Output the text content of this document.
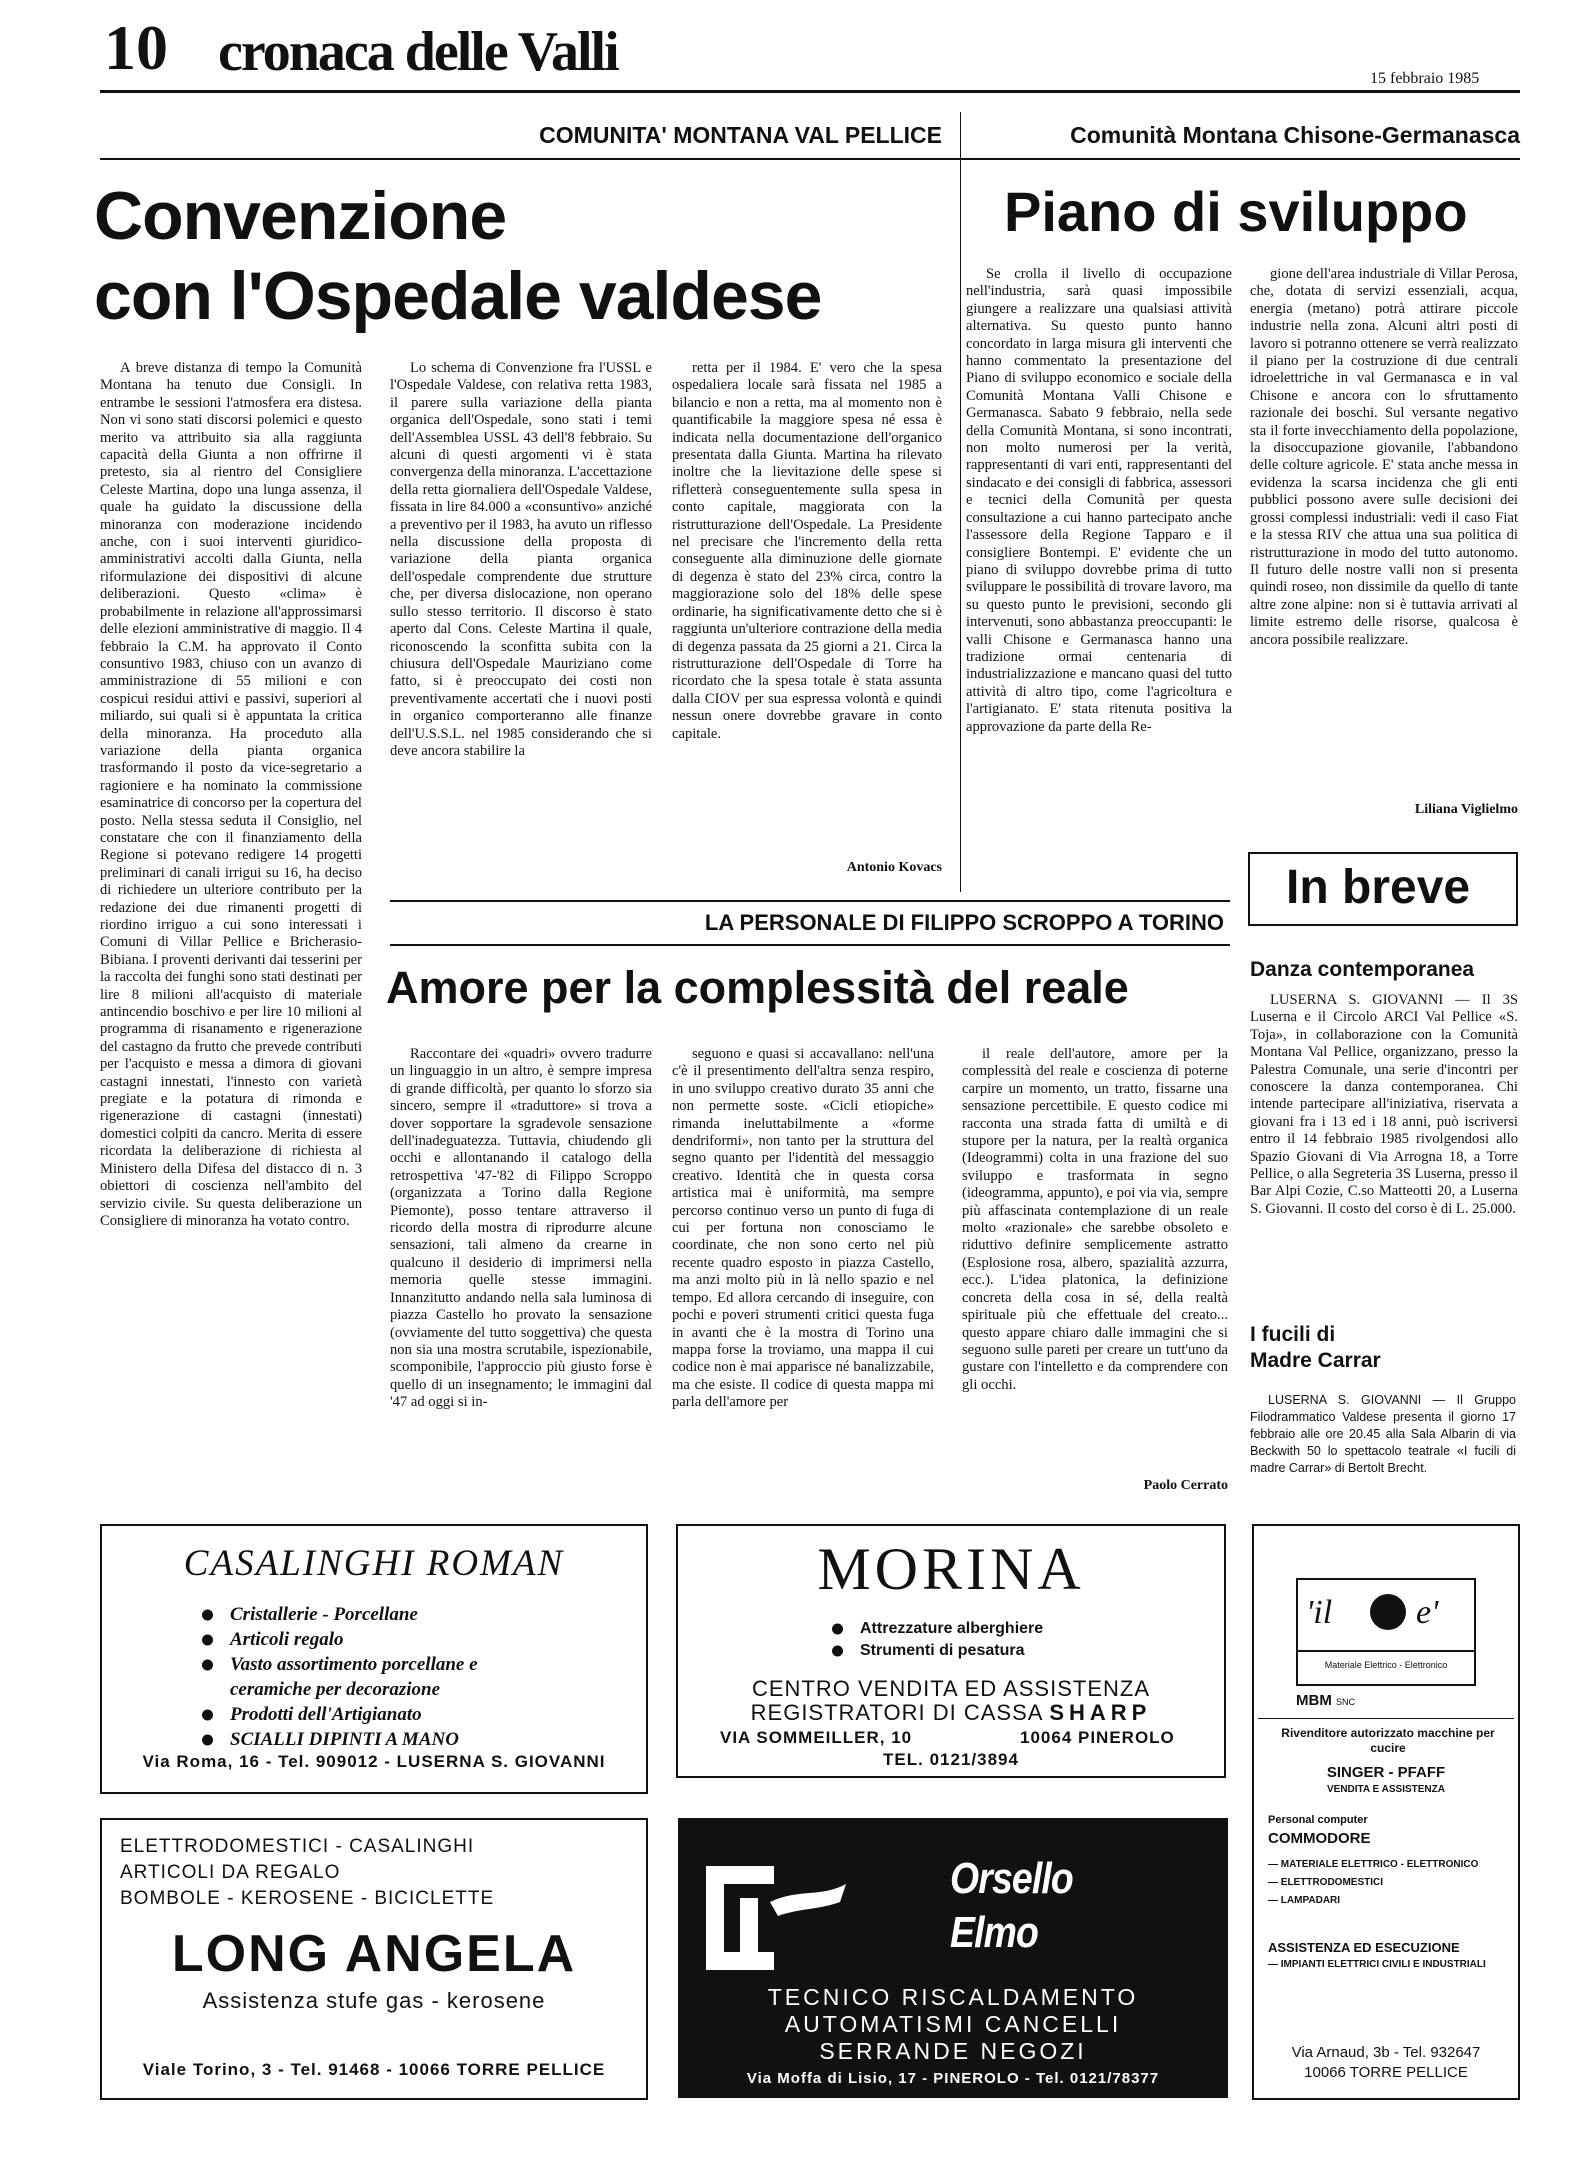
10 cronaca delle Valli	15 febbraio 1985
COMUNITA' MONTANA VAL PELLICE	Comunità Montana Chisone-Germanasca
Convenzione
con l'Ospedale valdese

A breve distanza di tempo la Comunità Montana ha tenuto due Consigli. In entrambe le sessioni l'atmosfera era distesa. Non vi sono stati discorsi polemici e questo merito va attribuito sia alla raggiunta capacità della Giunta a non offrirne il pretesto, sia al rientro del Consigliere Celeste Martina, dopo una lunga assenza, il quale ha guidato la discussione della minoranza con moderazione incidendo anche, con i suoi interventi giuridico-amministrativi accolti dalla Giunta, nella riformulazione dei dispositivi di alcune deliberazioni. Questo «clima» è probabilmente in relazione all'approssimarsi delle elezioni amministrative di maggio. Il 4 febbraio la C.M. ha approvato il Conto consuntivo 1983, chiuso con un avanzo di amministrazione di 55 milioni e con cospicui residui attivi e passivi, superiori al miliardo, sui quali si è appuntata la critica della minoranza. Ha proceduto alla variazione della pianta organica trasformando il posto da vice-segretario a ragioniere e ha nominato la commissione esaminatrice di concorso per la copertura del posto. Nella stessa seduta il Consiglio, nel constatare che con il finanziamento della Regione si potevano redigere 14 progetti preliminari di canali irrigui su 16, ha deciso di richiedere un ulteriore contributo per la redazione dei due rimanenti progetti di riordino irriguo a cui sono interessati i Comuni di Villar Pellice e Bricherasio-Bibiana. I proventi derivanti dai tesserini per la raccolta dei funghi sono stati destinati per lire 8 milioni all'acquisto di materiale antincendio boschivo e per lire 10 milioni al programma di risanamento e rigenerazione del castagno da frutto che prevede contributi per l'acquisto e messa a dimora di giovani castagni innestati, l'innesto con varietà pregiate e la potatura di rimonda e rigenerazione di castagni (innestati) domestici colpiti da cancro. Merita di essere ricordata la deliberazione di richiesta al Ministero della Difesa del distacco di n. 3 obiettori di coscienza nell'ambito del servizio civile. Su questa deliberazione un Consigliere di minoranza ha votato contro.

Lo schema di Convenzione fra l'USSL e l'Ospedale Valdese, con relativa retta 1983, il parere sulla variazione della pianta organica dell'Ospedale, sono stati i temi dell'Assemblea USSL 43 dell'8 febbraio. Su alcuni di questi argomenti vi è stata convergenza della minoranza. L'accettazione della retta giornaliera dell'Ospedale Valdese, fissata in lire 84.000 a «consuntivo» anziché a preventivo per il 1983, ha avuto un riflesso nella discussione della proposta di variazione della pianta organica dell'ospedale comprendente due strutture che, per diversa dislocazione, non operano sullo stesso territorio. Il discorso è stato aperto dal Cons. Celeste Martina il quale, riconoscendo la sconfitta subita con la chiusura dell'Ospedale Mauriziano come fatto, si è preoccupato dei costi non preventivamente accertati che i nuovi posti in organico comporteranno alle finanze dell'U.S.S.L. nel 1985 considerando che si deve ancora stabilire la

retta per il 1984. E' vero che la spesa ospedaliera locale sarà fissata nel 1985 a bilancio e non a retta, ma al momento non è quantificabile la maggiore spesa né essa è indicata nella documentazione dell'organico presentata dalla Giunta. Martina ha rilevato inoltre che la lievitazione delle spese si rifletterà conseguentemente sulla spesa in conto capitale, maggiorata con la ristrutturazione dell'Ospedale. La Presidente nel precisare che l'incremento della retta conseguente alla diminuzione delle giornate di degenza è stato del 23% circa, contro la maggiorazione solo del 18% delle spese ordinarie, ha significativamente detto che si è raggiunta un'ulteriore contrazione della media di degenza passata da 25 giorni a 21. Circa la ristrutturazione dell'Ospedale di Torre ha ricordato che la spesa totale è stata assunta dalla CIOV per sua espressa volontà e quindi nessun onere dovrebbe gravare in conto capitale.

Antonio Kovacs
Piano di sviluppo

Se crolla il livello di occupazione nell'industria, sarà quasi impossibile giungere a realizzare una qualsiasi attività alternativa. Su questo punto hanno concordato in larga misura gli interventi che hanno commentato la presentazione del Piano di sviluppo economico e sociale della Comunità Montana Valli Chisone e Germanasca. Sabato 9 febbraio, nella sede della Comunità Montana, si sono incontrati, non molto numerosi per la verità, rappresentanti di vari enti, rappresentanti del sindacato e dei consigli di fabbrica, assessori e tecnici della Comunità per questa consultazione a cui hanno partecipato anche l'assessore della Regione Tapparo e il consigliere Bontempi. E' evidente che un piano di sviluppo dovrebbe prima di tutto sviluppare le possibilità di trovare lavoro, ma su questo punto le previsioni, secondo gli intervenuti, sono abbastanza preoccupanti: le valli Chisone e Germanasca hanno una tradizione ormai centenaria di industrializzazione e mancano quasi del tutto attività di altro tipo, come l'agricoltura e l'artigianato. E' stata ritenuta positiva la approvazione da parte della Re-

gione dell'area industriale di Villar Perosa, che, dotata di servizi essenziali, acqua, energia (metano) potrà attirare piccole industrie nella zona. Alcuni altri posti di lavoro si potranno ottenere se verrà realizzato il piano per la costruzione di due centrali idroelettriche in val Germanasca e in val Chisone e ancora con lo sfruttamento razionale dei boschi. Sul versante negativo sta il forte invecchiamento della popolazione, la disoccupazione giovanile, l'abbandono delle colture agricole. E' stata anche messa in evidenza la scarsa incidenza che gli enti pubblici possono avere sulle decisioni dei grossi complessi industriali: vedi il caso Fiat e la stessa RIV che attua una sua politica di ristrutturazione in modo del tutto autonomo. Il futuro delle nostre valli non si presenta quindi roseo, non dissimile da quello di tante altre zone alpine: non si è tuttavia arrivati al limite estremo delle risorse, qualcosa è ancora possibile realizzare.

Liliana Viglielmo
In breve
LA PERSONALE DI FILIPPO SCROPPO A TORINO
Amore per la complessità del reale

Raccontare dei «quadri» ovvero tradurre un linguaggio in un altro, è sempre impresa di grande difficoltà, per quanto lo sforzo sia sincero, sempre il «traduttore» si trova a dover sopportare la sgradevole sensazione dell'inadeguatezza. Tuttavia, chiudendo gli occhi e allontanando il catalogo della retrospettiva '47-'82 di Filippo Scroppo (organizzata a Torino dalla Regione Piemonte), posso tentare attraverso il ricordo della mostra di riprodurre alcune sensazioni, tali almeno da crearne in qualcuno il desiderio di imprimersi nella memoria quelle stesse immagini. Innanzitutto andando nella sala luminosa di piazza Castello ho provato la sensazione (ovviamente del tutto soggettiva) che questa non sia una mostra scrutabile, ispezionabile, scomponibile, l'approccio più giusto forse è quello di un insegnamento; le immagini dal '47 ad oggi si in-

seguono e quasi si accavallano: nell'una c'è il presentimento dell'altra senza respiro, in uno sviluppo creativo durato 35 anni che non permette soste. «Cicli etiopiche» rimanda ineluttabilmente a «forme dendriformi», non tanto per la struttura del segno quanto per l'identità del messaggio creativo. Identità che in questa corsa artistica mai è uniformità, ma sempre percorso continuo verso un punto di fuga di cui per fortuna non conosciamo le coordinate, che non sono certo nel più recente quadro esposto in piazza Castello, ma anzi molto più in là nello spazio e nel tempo. Ed allora cercando di inseguire, con pochi e poveri strumenti critici questa fuga in avanti che è la mostra di Torino una mappa forse la troviamo, una mappa il cui codice non è mai apparisce né banalizzabile, ma che esiste. Il codice di questa mappa mi parla dell'amore per

il reale dell'autore, amore per la complessità del reale e coscienza di poterne carpire un momento, un tratto, fissarne una sensazione percettibile. E questo codice mi racconta una strada fatta di umiltà e di stupore per la natura, per la realtà organica (Ideogrammi) colta in una frazione del suo sviluppo e trasformata in segno (ideogramma, appunto), e poi via via, sempre più affascinata contemplazione di un reale molto «razionale» che sarebbe obsoleto e riduttivo definire semplicemente astratto (Esplosione rosa, albero, spazialità azzurra, ecc.). L'idea platonica, la definizione concreta della cosa in sé, della realtà spirituale più che effettuale del creato... questo appare chiaro dalle immagini che si seguono sulle pareti per creare un tutt'uno da gustare con l'intelletto e da comprendere con gli occhi.

Paolo Cerrato
Danza contemporanea

LUSERNA S. GIOVANNI — Il 3S Luserna e il Circolo ARCI Val Pellice «S. Toja», in collaborazione con la Comunità Montana Val Pellice, organizzano, presso la Palestra Comunale, una serie d'incontri per conoscere la danza contemporanea. Chi intende partecipare all'iniziativa, riservata a giovani fra i 13 ed i 18 anni, può iscriversi entro il 14 febbraio 1985 rivolgendosi allo Spazio Giovani di Via Arrogna 18, a Torre Pellice, o alla Segreteria 3S Luserna, presso il Bar Alpi Cozie, C.so Matteotti 20, a Luserna S. Giovanni. Il costo del corso è di L. 25.000.

I fucili di
Madre Carrar

LUSERNA S. GIOVANNI — Il Gruppo Filodrammatico Valdese presenta il giorno 17 febbraio alle ore 20.45 alla Sala Albarin di via Beckwith 50 lo spettacolo teatrale «I fucili di madre Carrar» di Bertolt Brecht.

CASALINGHI ROMAN
Cristallerie - Porcellane
Articoli regalo
Vasto assortimento porcellane e
ceramiche per decorazione
Prodotti dell'Artigianato
SCIALLI DIPINTI A MANO
Via Roma, 16 - Tel. 909012 - LUSERNA S. GIOVANNI
MORINA
Attrezzature alberghiere
Strumenti di pesatura
CENTRO VENDITA ED ASSISTENZA
REGISTRATORI DI CASSA SHARP
VIA SOMMEILLER, 10	10064 PINEROLO
TEL. 0121/3894
ELETTRODOMESTICI - CASALINGHI
ARTICOLI DA REGALO
BOMBOLE - KEROSENE - BICICLETTE
LONG ANGELA
Assistenza stufe gas - kerosene
Viale Torino, 3 - Tel. 91468 - 10066 TORRE PELLICE
Orsello
Elmo
TECNICO RISCALDAMENTO
AUTOMATISMI CANCELLI
SERRANDE NEGOZI
Via Moffa di Lisio, 17 - PINEROLO - Tel. 0121/78377
'il e'
Materiale Elettrico - Elettronico
MBM SNC
Rivenditore autorizzato macchine per cucire
SINGER - PFAFF
VENDITA E ASSISTENZA
Personal computer
COMMODORE
— MATERIALE ELETTRICO - ELETTRONICO
— ELETTRODOMESTICI
— LAMPADARI
ASSISTENZA ED ESECUZIONE
— IMPIANTI ELETTRICI CIVILI E INDUSTRIALI
Via Arnaud, 3b - Tel. 932647
10066 TORRE PELLICE
